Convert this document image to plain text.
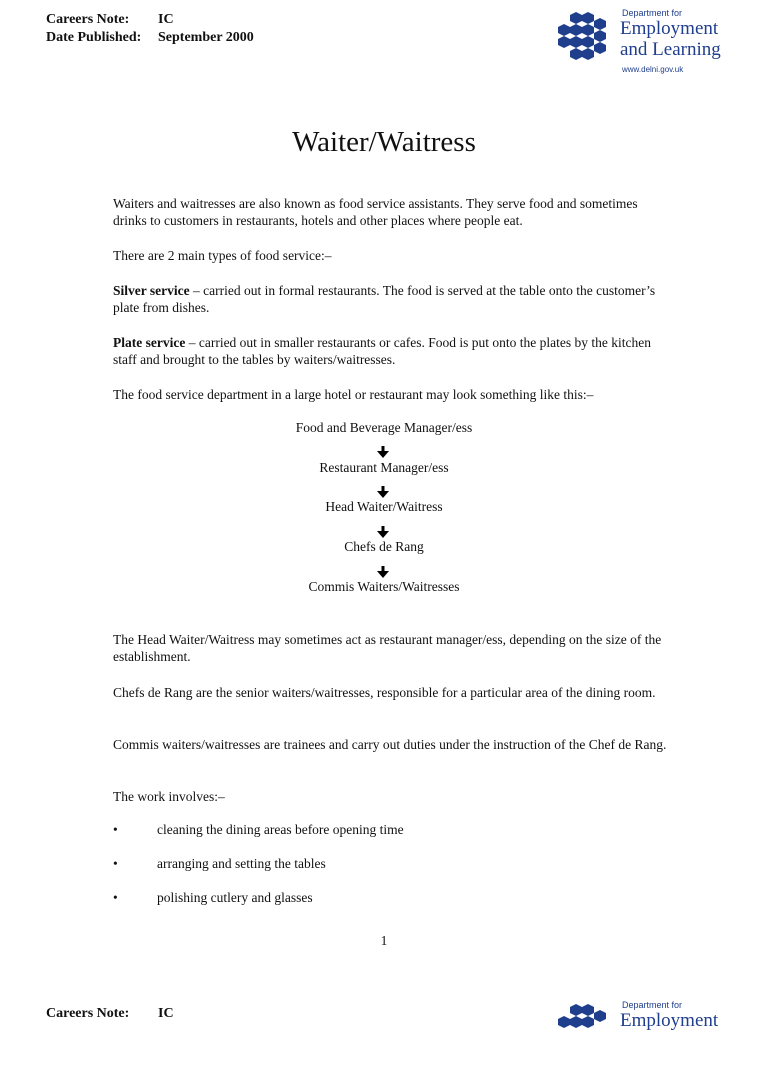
Careers Note: IC
Date Published: September 2000
Department for
Employment
and Learning
www.delni.gov.uk
Waiter/Waitress
Waiters and waitresses are also known as food service assistants. They serve food and sometimes drinks to customers in restaurants, hotels and other places where people eat.
There are 2 main types of food service:–
Silver service – carried out in formal restaurants. The food is served at the table onto the customer’s plate from dishes.
Plate service – carried out in smaller restaurants or cafes. Food is put onto the plates by the kitchen staff and brought to the tables by waiters/waitresses.
The food service department in a large hotel or restaurant may look something like this:–
Food and Beverage Manager/ess
Restaurant Manager/ess
Head Waiter/Waitress
Chefs de Rang
Commis Waiters/Waitresses
The Head Waiter/Waitress may sometimes act as restaurant manager/ess, depending on the size of the establishment.
Chefs de Rang are the senior waiters/waitresses, responsible for a particular area of the dining room.
Commis waiters/waitresses are trainees and carry out duties under the instruction of the Chef de Rang.
The work involves:–
•	cleaning the dining areas before opening time
•	arranging and setting the tables
•	polishing cutlery and glasses
1
Careers Note: IC
Department for
Employment
